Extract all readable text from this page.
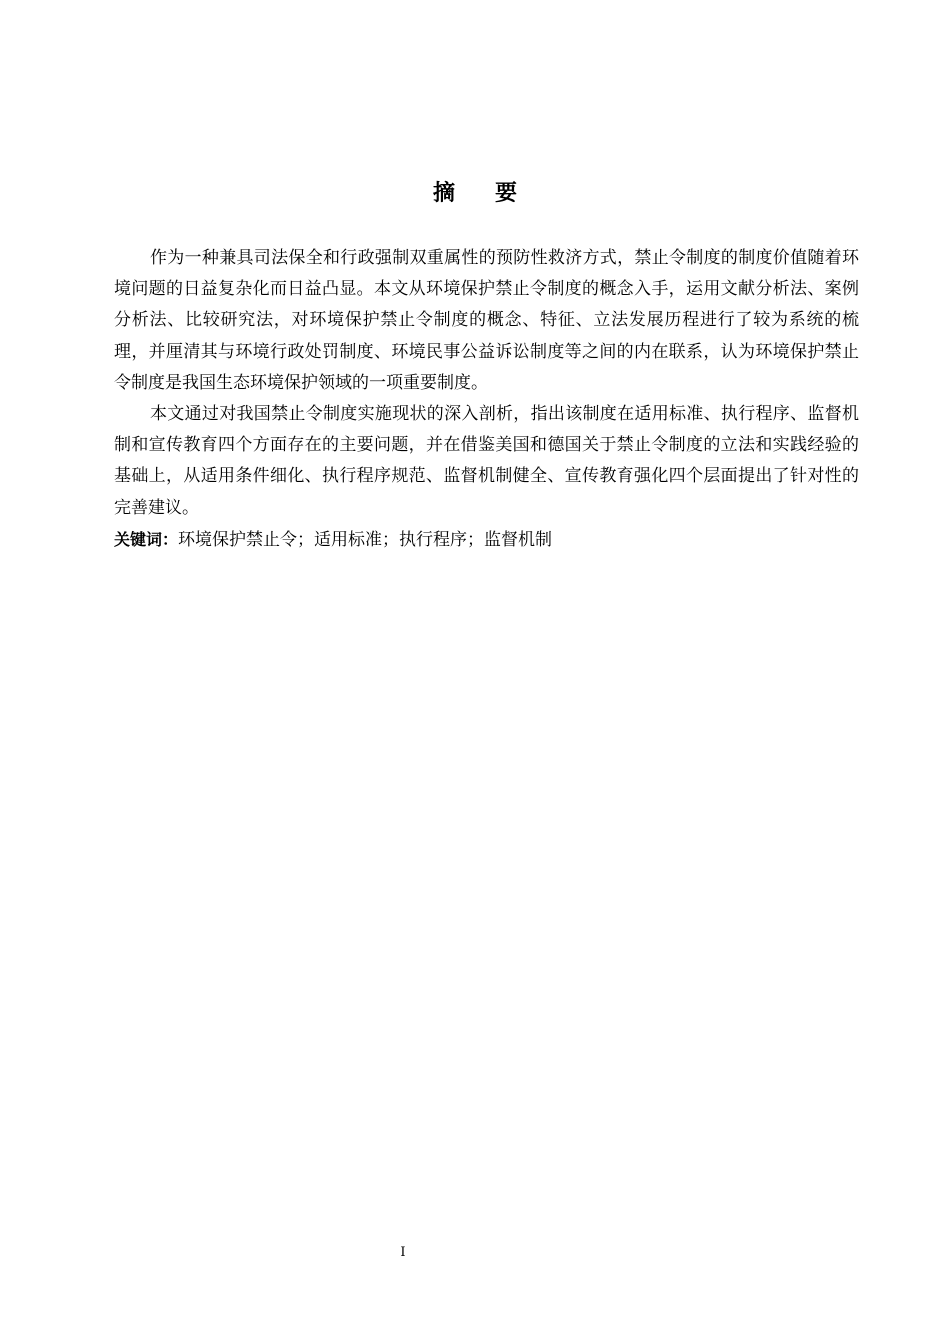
摘 要

作为一种兼具司法保全和行政强制双重属性的预防性救济方式，禁止令制度的制度价值随着环境问题的日益复杂化而日益凸显。本文从环境保护禁止令制度的概念入手，运用文献分析法、案例分析法、比较研究法，对环境保护禁止令制度的概念、特征、立法发展历程进行了较为系统的梳理，并厘清其与环境行政处罚制度、环境民事公益诉讼制度等之间的内在联系，认为环境保护禁止令制度是我国生态环境保护领域的一项重要制度。

本文通过对我国禁止令制度实施现状的深入剖析，指出该制度在适用标准、执行程序、监督机制和宣传教育四个方面存在的主要问题，并在借鉴美国和德国关于禁止令制度的立法和实践经验的基础上，从适用条件细化、执行程序规范、监督机制健全、宣传教育强化四个层面提出了针对性的完善建议。

关键词：环境保护禁止令；适用标准；执行程序；监督机制

I
